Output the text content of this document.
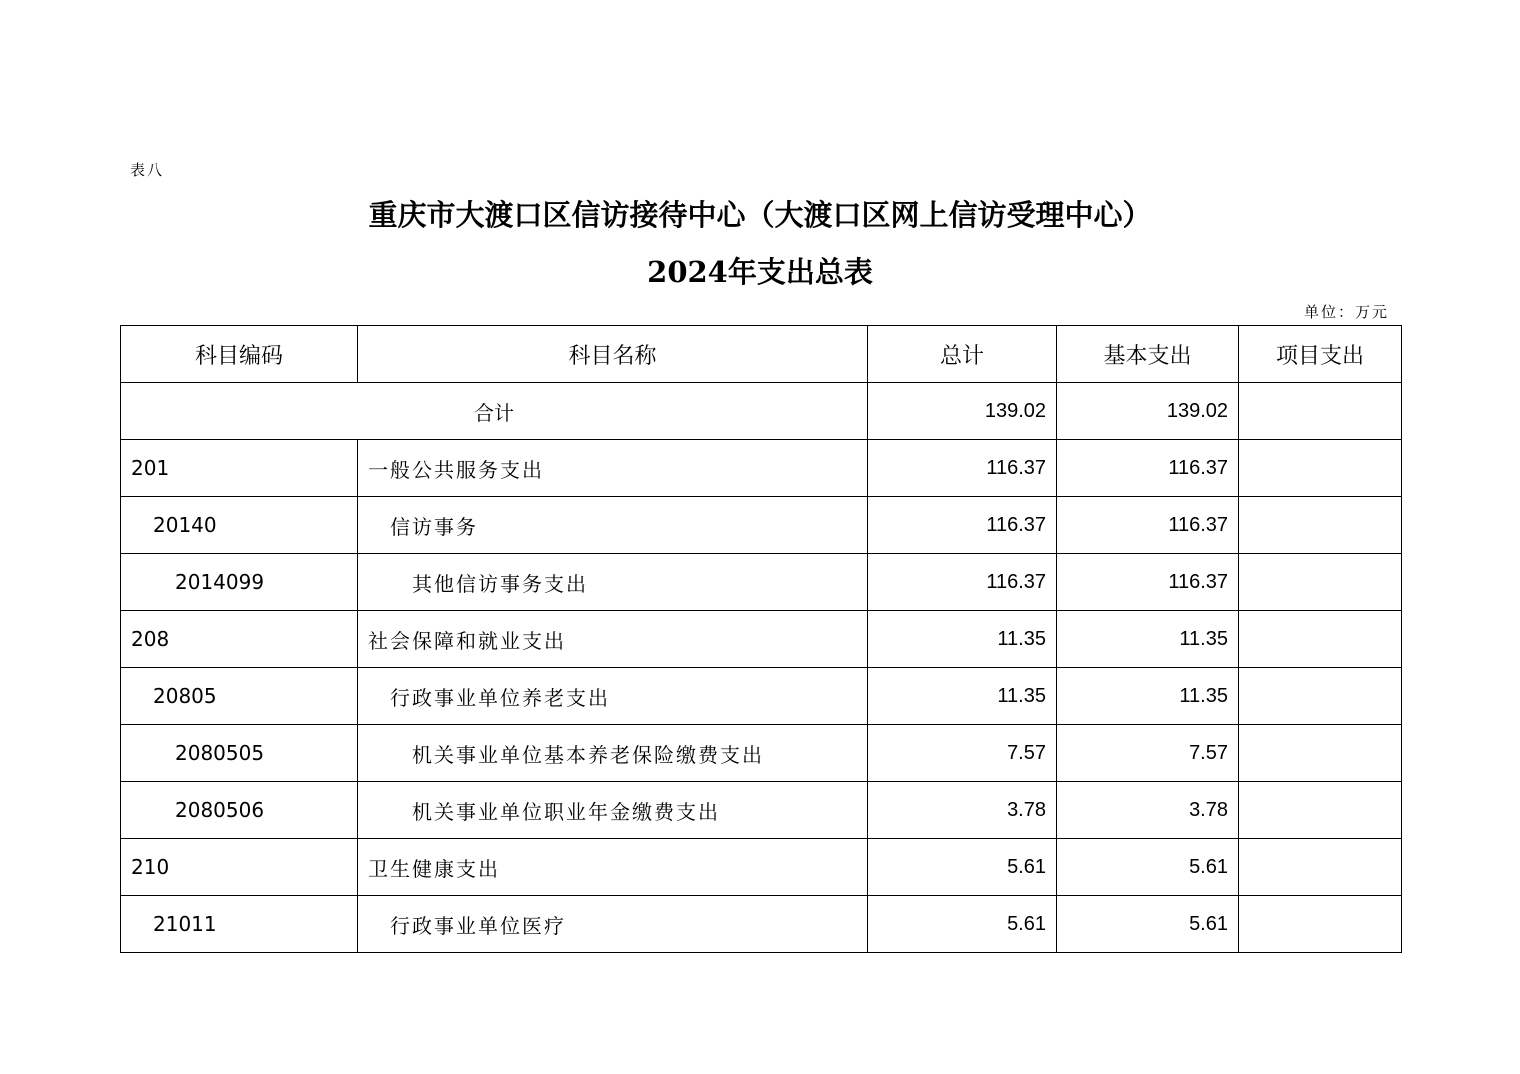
表八
重庆市大渡口区信访接待中心（大渡口区网上信访受理中心）
2024年支出总表
单位：万元
科目编码	科目名称	总计	基本支出	项目支出
合计		139.02	139.02	
201	一般公共服务支出	116.37	116.37	
20140	信访事务	116.37	116.37	
2014099	其他信访事务支出	116.37	116.37	
208	社会保障和就业支出	11.35	11.35	
20805	行政事业单位养老支出	11.35	11.35	
2080505	机关事业单位基本养老保险缴费支出	7.57	7.57	
2080506	机关事业单位职业年金缴费支出	3.78	3.78	
210	卫生健康支出	5.61	5.61	
21011	行政事业单位医疗	5.61	5.61	
